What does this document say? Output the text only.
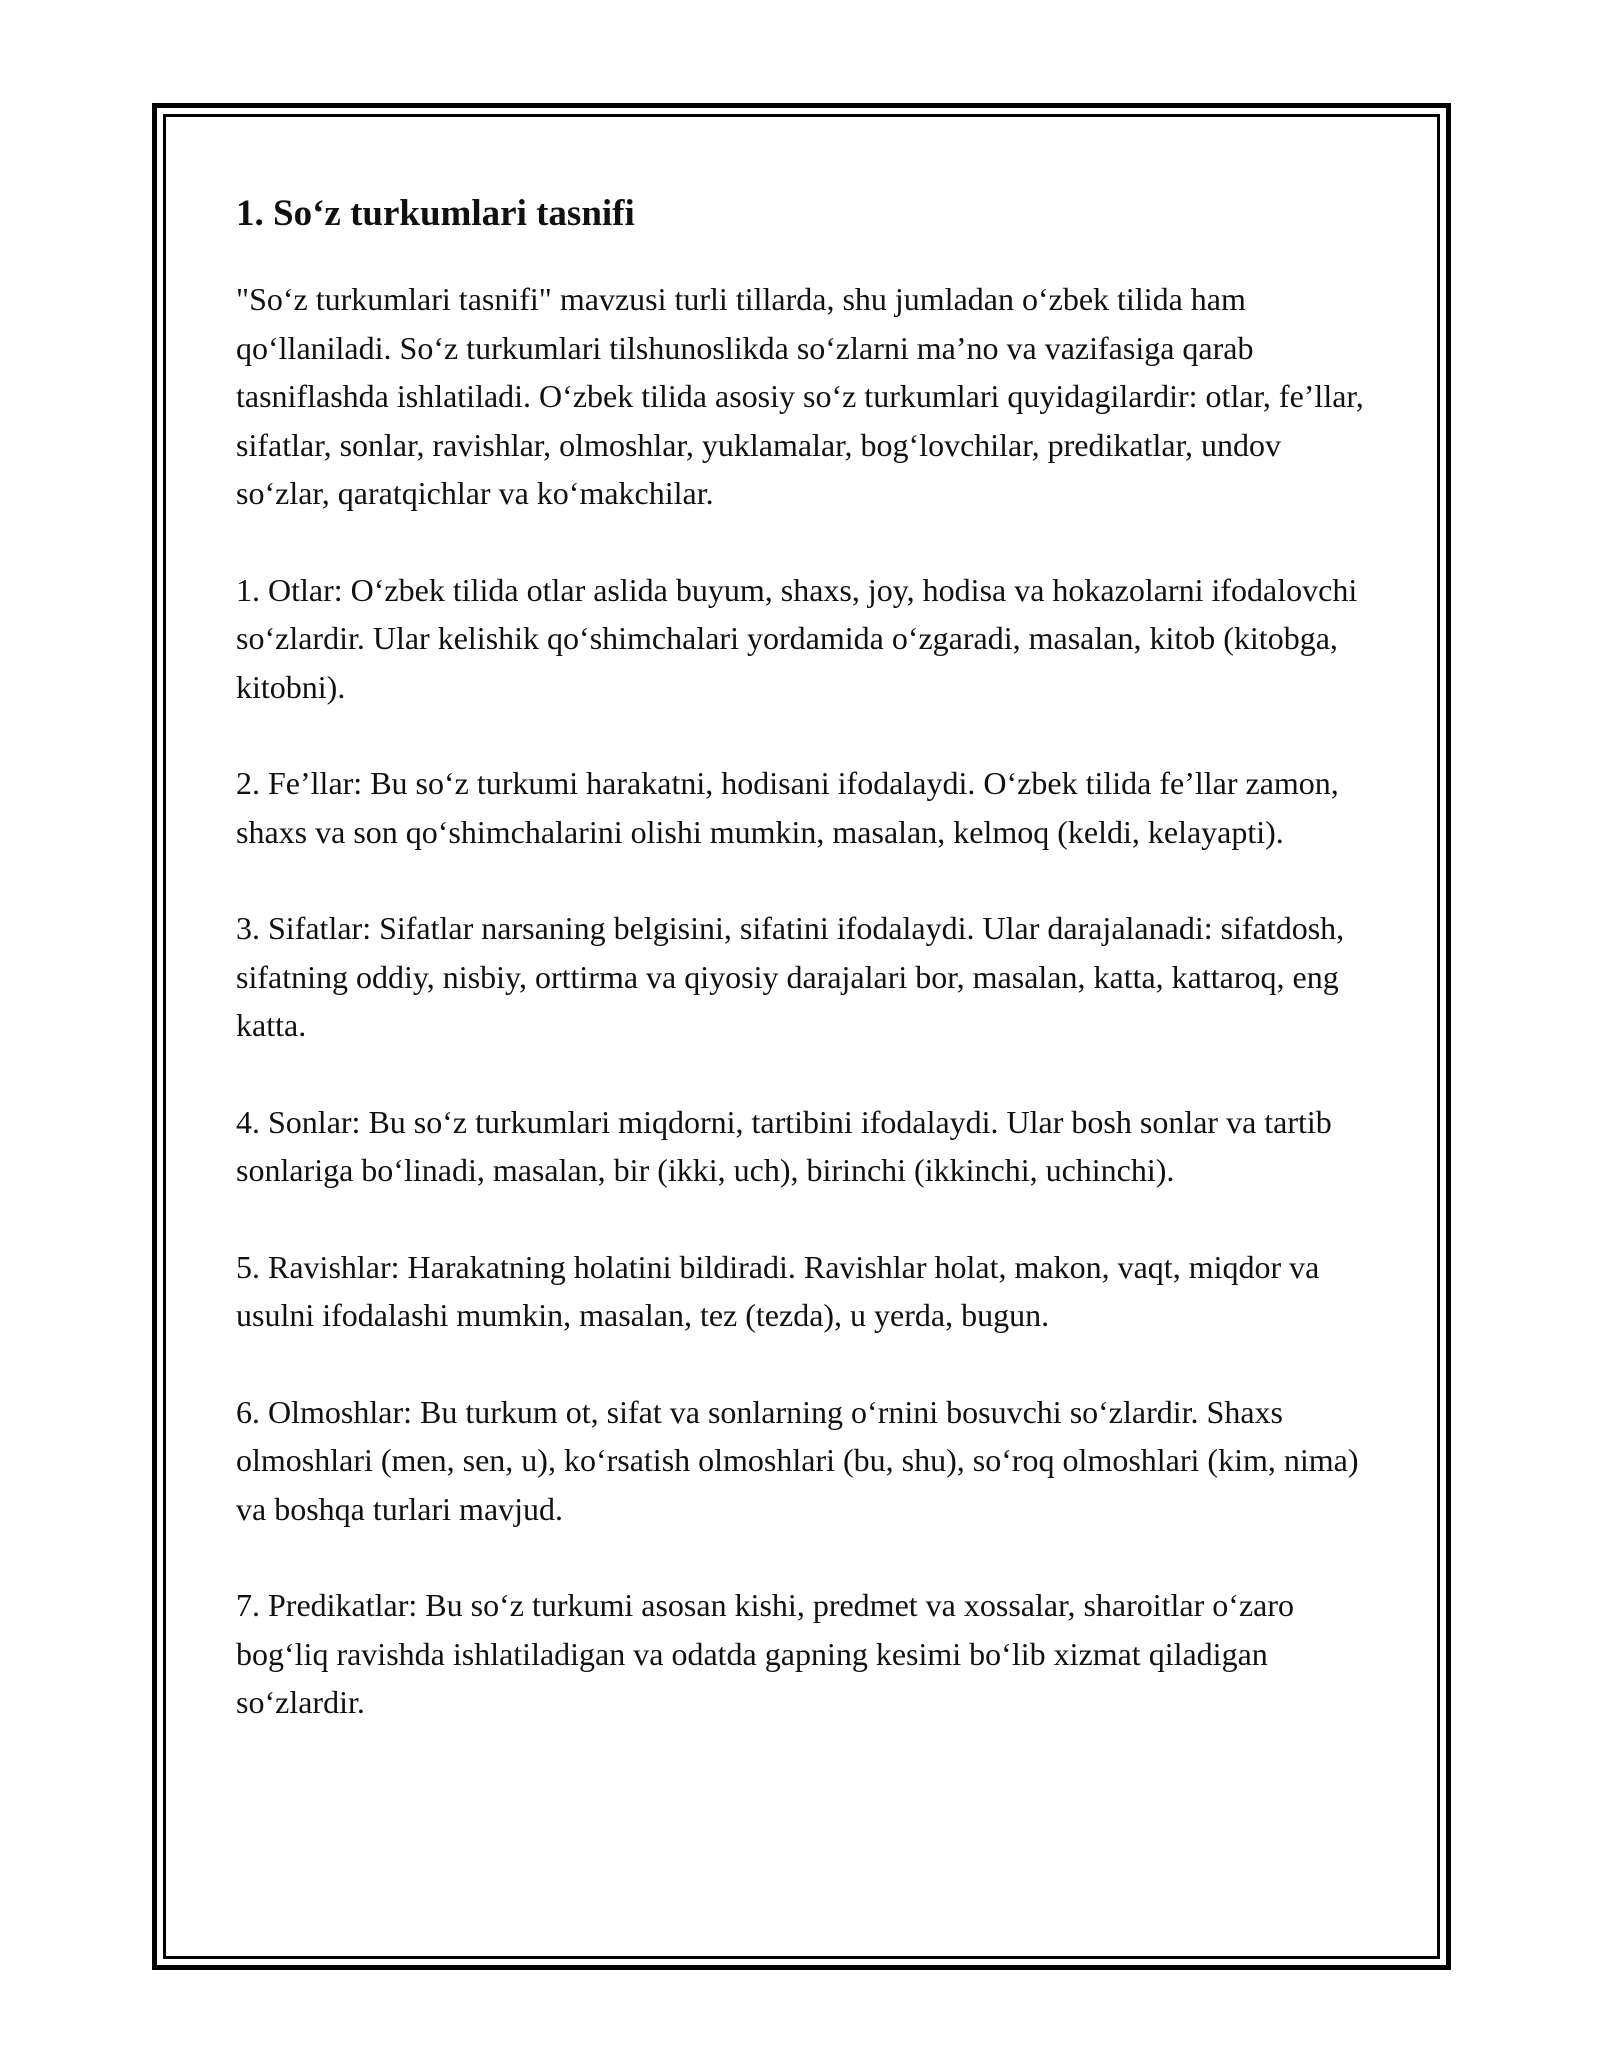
1. So‘z turkumlari tasnifi

"So‘z turkumlari tasnifi" mavzusi turli tillarda, shu jumladan o‘zbek tilida ham qo‘llaniladi. So‘z turkumlari tilshunoslikda so‘zlarni ma’no va vazifasiga qarab tasniflashda ishlatiladi. O‘zbek tilida asosiy so‘z turkumlari quyidagilardir: otlar, fe’llar, sifatlar, sonlar, ravishlar, olmoshlar, yuklamalar, bog‘lovchilar, predikatlar, undov so‘zlar, qaratqichlar va ko‘makchilar.

1. Otlar: O‘zbek tilida otlar aslida buyum, shaxs, joy, hodisa va hokazolarni ifodalovchi so‘zlardir. Ular kelishik qo‘shimchalari yordamida o‘zgaradi, masalan, kitob (kitobga, kitobni).

2. Fe’llar: Bu so‘z turkumi harakatni, hodisani ifodalaydi. O‘zbek tilida fe’llar zamon, shaxs va son qo‘shimchalarini olishi mumkin, masalan, kelmoq (keldi, kelayapti).

3. Sifatlar: Sifatlar narsaning belgisini, sifatini ifodalaydi. Ular darajalanadi: sifatdosh, sifatning oddiy, nisbiy, orttirma va qiyosiy darajalari bor, masalan, katta, kattaroq, eng katta.

4. Sonlar: Bu so‘z turkumlari miqdorni, tartibini ifodalaydi. Ular bosh sonlar va tartib sonlariga bo‘linadi, masalan, bir (ikki, uch), birinchi (ikkinchi, uchinchi).

5. Ravishlar: Harakatning holatini bildiradi. Ravishlar holat, makon, vaqt, miqdor va usulni ifodalashi mumkin, masalan, tez (tezda), u yerda, bugun.

6. Olmoshlar: Bu turkum ot, sifat va sonlarning o‘rnini bosuvchi so‘zlardir. Shaxs olmoshlari (men, sen, u), ko‘rsatish olmoshlari (bu, shu), so‘roq olmoshlari (kim, nima) va boshqa turlari mavjud.

7. Predikatlar: Bu so‘z turkumi asosan kishi, predmet va xossalar, sharoitlar o‘zaro bog‘liq ravishda ishlatiladigan va odatda gapning kesimi bo‘lib xizmat qiladigan so‘zlardir.
